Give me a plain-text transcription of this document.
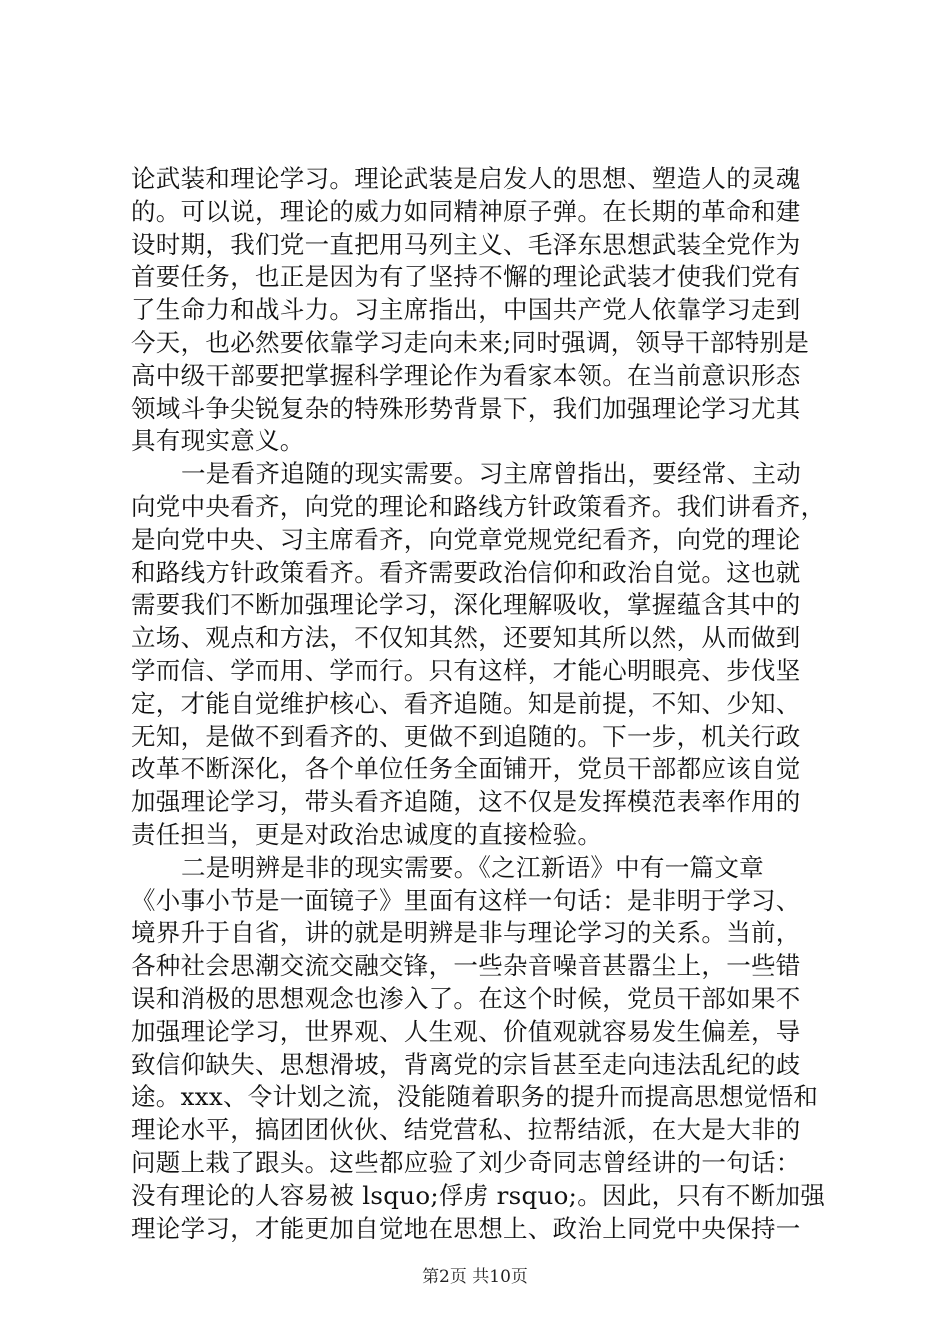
论武装和理论学习。理论武装是启发人的思想、塑造人的灵魂
的。可以说，理论的威力如同精神原子弹。在长期的革命和建
设时期，我们党一直把用马列主义、毛泽东思想武装全党作为
首要任务，也正是因为有了坚持不懈的理论武装才使我们党有
了生命力和战斗力。习主席指出，中国共产党人依靠学习走到
今天，也必然要依靠学习走向未来;同时强调，领导干部特别是
高中级干部要把掌握科学理论作为看家本领。在当前意识形态
领域斗争尖锐复杂的特殊形势背景下，我们加强理论学习尤其
具有现实意义。
一是看齐追随的现实需要。习主席曾指出，要经常、主动
向党中央看齐，向党的理论和路线方针政策看齐。我们讲看齐，
是向党中央、习主席看齐，向党章党规党纪看齐，向党的理论
和路线方针政策看齐。看齐需要政治信仰和政治自觉。这也就
需要我们不断加强理论学习，深化理解吸收，掌握蕴含其中的
立场、观点和方法，不仅知其然，还要知其所以然，从而做到
学而信、学而用、学而行。只有这样，才能心明眼亮、步伐坚
定，才能自觉维护核心、看齐追随。知是前提，不知、少知、
无知，是做不到看齐的、更做不到追随的。下一步，机关行政
改革不断深化，各个单位任务全面铺开，党员干部都应该自觉
加强理论学习，带头看齐追随，这不仅是发挥模范表率作用的
责任担当，更是对政治忠诚度的直接检验。
二是明辨是非的现实需要。《之江新语》中有一篇文章
《小事小节是一面镜子》里面有这样一句话：是非明于学习、
境界升于自省，讲的就是明辨是非与理论学习的关系。当前，
各种社会思潮交流交融交锋，一些杂音噪音甚嚣尘上，一些错
误和消极的思想观念也渗入了。在这个时候，党员干部如果不
加强理论学习，世界观、人生观、价值观就容易发生偏差，导
致信仰缺失、思想滑坡，背离党的宗旨甚至走向违法乱纪的歧
途。xxx、令计划之流，没能随着职务的提升而提高思想觉悟和
理论水平，搞团团伙伙、结党营私、拉帮结派，在大是大非的
问题上栽了跟头。这些都应验了刘少奇同志曾经讲的一句话：
没有理论的人容易被 lsquo;俘虏 rsquo;。因此，只有不断加强
理论学习，才能更加自觉地在思想上、政治上同党中央保持一
第2页 共10页
